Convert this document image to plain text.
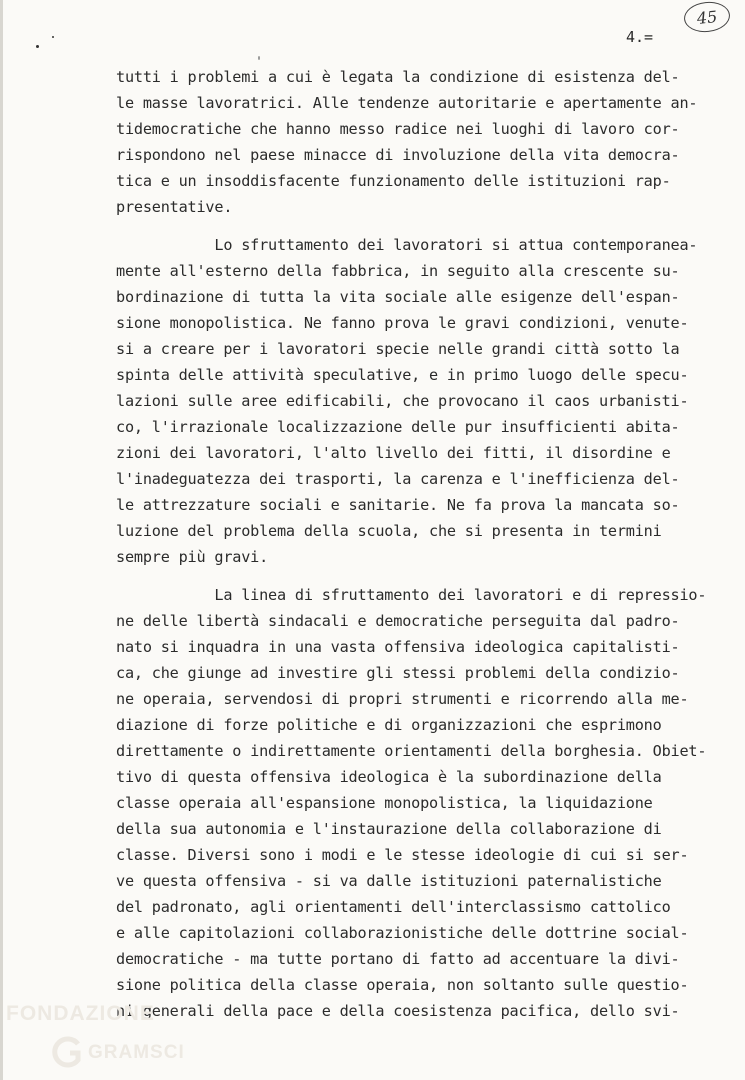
4.=
45
tutti i problemi a cui è legata la condizione di esistenza del-
le masse lavoratrici. Alle tendenze autoritarie e apertamente an-
tidemocratiche che hanno messo radice nei luoghi di lavoro cor-
rispondono nel paese minacce di involuzione della vita democra-
tica e un insoddisfacente funzionamento delle istituzioni rap-
presentative.
Lo sfruttamento dei lavoratori si attua contemporanea-
mente all'esterno della fabbrica, in seguito alla crescente su-
bordinazione di tutta la vita sociale alle esigenze dell'espan-
sione monopolistica. Ne fanno prova le gravi condizioni, venute-
si a creare per i lavoratori specie nelle grandi città sotto la
spinta delle attività speculative, e in primo luogo delle specu-
lazioni sulle aree edificabili, che provocano il caos urbanisti-
co, l'irrazionale localizzazione delle pur insufficienti abita-
zioni dei lavoratori, l'alto livello dei fitti, il disordine e
l'inadeguatezza dei trasporti, la carenza e l'inefficienza del-
le attrezzature sociali e sanitarie. Ne fa prova la mancata so-
luzione del problema della scuola, che si presenta in termini
sempre più gravi.
La linea di sfruttamento dei lavoratori e di repressio-
ne delle libertà sindacali e democratiche perseguita dal padro-
nato si inquadra in una vasta offensiva ideologica capitalisti-
ca, che giunge ad investire gli stessi problemi della condizio-
ne operaia, servendosi di propri strumenti e ricorrendo alla me-
diazione di forze politiche e di organizzazioni che esprimono
direttamente o indirettamente orientamenti della borghesia. Obiet-
tivo di questa offensiva ideologica è la subordinazione della
classe operaia all'espansione monopolistica, la liquidazione
della sua autonomia e l'instaurazione della collaborazione di
classe. Diversi sono i modi e le stesse ideologie di cui si ser-
ve questa offensiva - si va dalle istituzioni paternalistiche
del padronato, agli orientamenti dell'interclassismo cattolico
e alle capitolazioni collaborazionistiche delle dottrine social-
democratiche - ma tutte portano di fatto ad accentuare la divi-
sione politica della classe operaia, non soltanto sulle questio-
ni generali della pace e della coesistenza pacifica, dello svi-
FONDAZIONE
GRAMSCI
